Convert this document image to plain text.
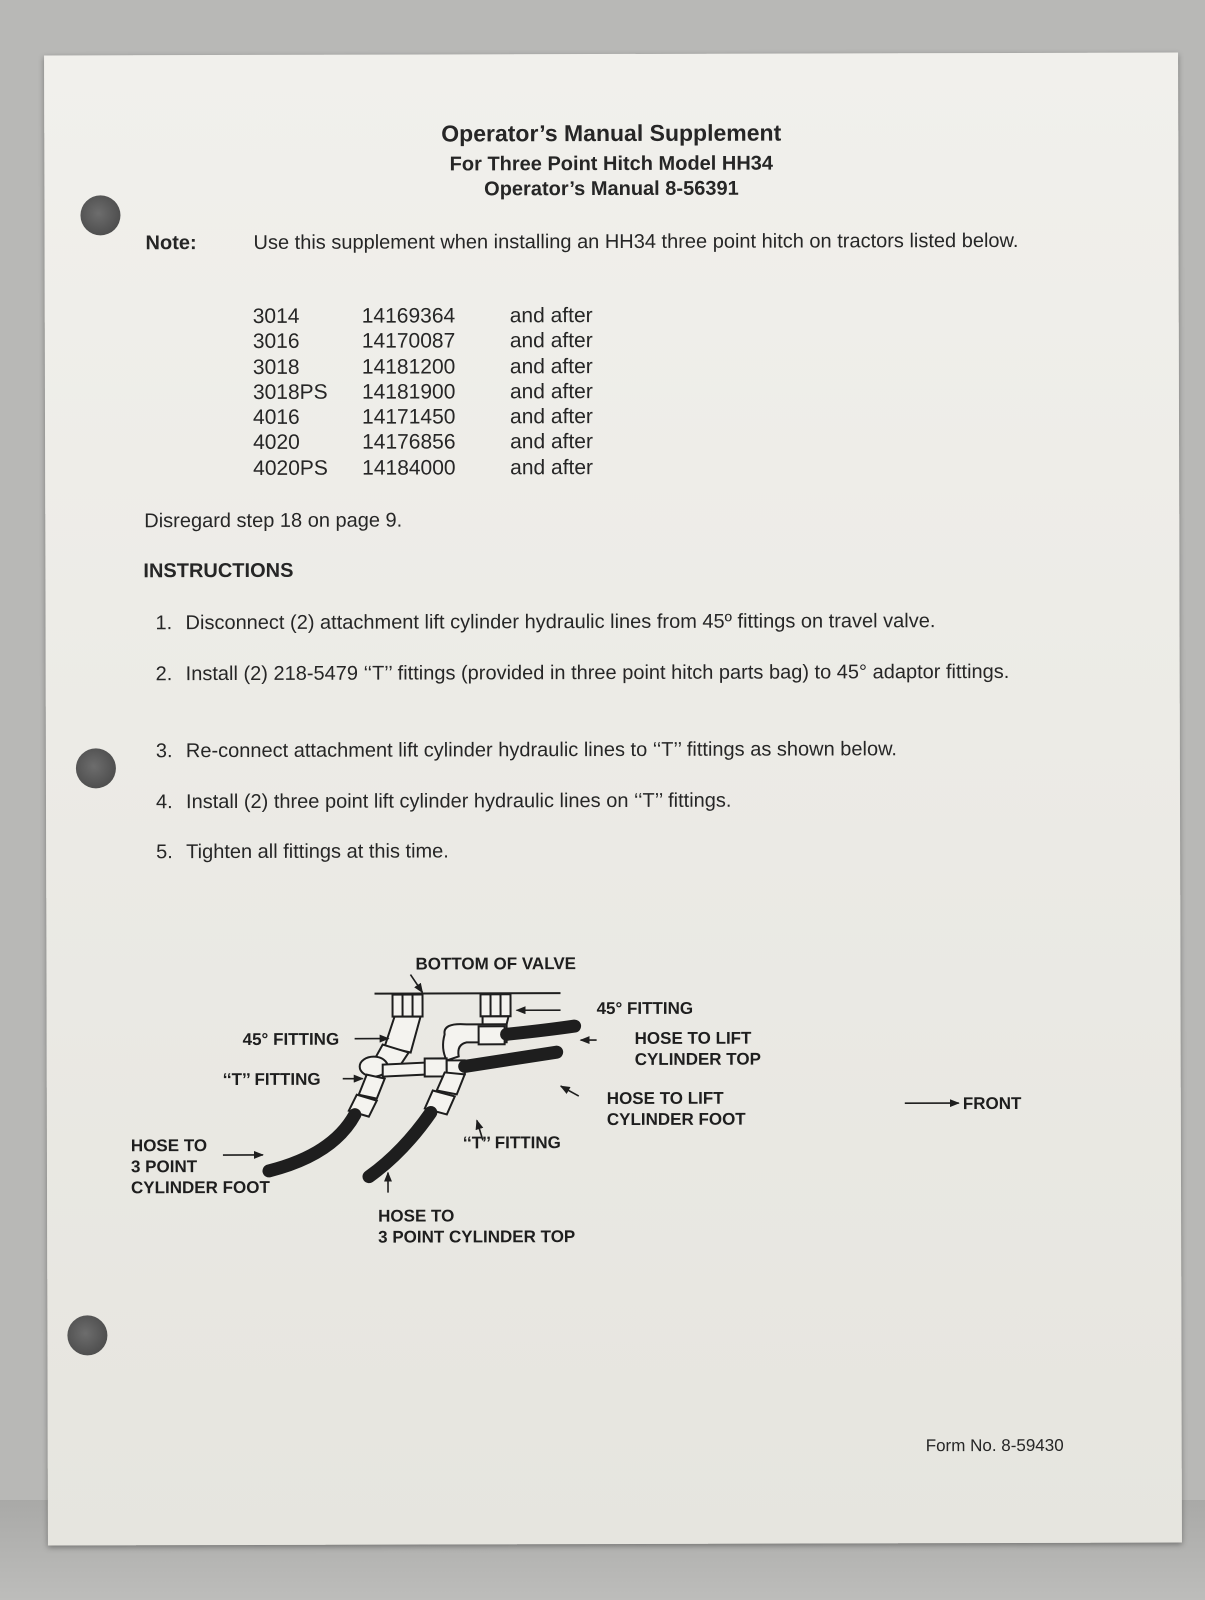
Operator’s Manual Supplement
For Three Point Hitch Model HH34
Operator’s Manual 8-56391
Note:	Use this supplement when installing an HH34 three point hitch on tractors listed below.
3014	14169364	and after
3016	14170087	and after
3018	14181200	and after
3018PS 14181900	and after
4016	14171450	and after
4020	14176856	and after
4020PS 14184000	and after
Disregard step 18 on page 9.
INSTRUCTIONS
1. Disconnect (2) attachment lift cylinder hydraulic lines from 45º fittings on travel valve.
2. Install (2) 218-5479 ‘‘T’’ fittings (provided in three point hitch parts bag) to 45° adaptor fittings.
3. Re-connect attachment lift cylinder hydraulic lines to ‘‘T’’ fittings as shown below.
4. Install (2) three point lift cylinder hydraulic lines on ‘‘T’’ fittings.
5. Tighten all fittings at this time.
BOTTOM OF VALVE
45° FITTING
45° FITTING	HOSE TO LIFT
CYLINDER TOP
‘‘T’’ FITTING
HOSE TO LIFT
CYLINDER FOOT
FRONT
HOSE TO
3 POINT
CYLINDER FOOT
‘‘T’’ FITTING
HOSE TO
3 POINT CYLINDER TOP
Form No. 8-59430
